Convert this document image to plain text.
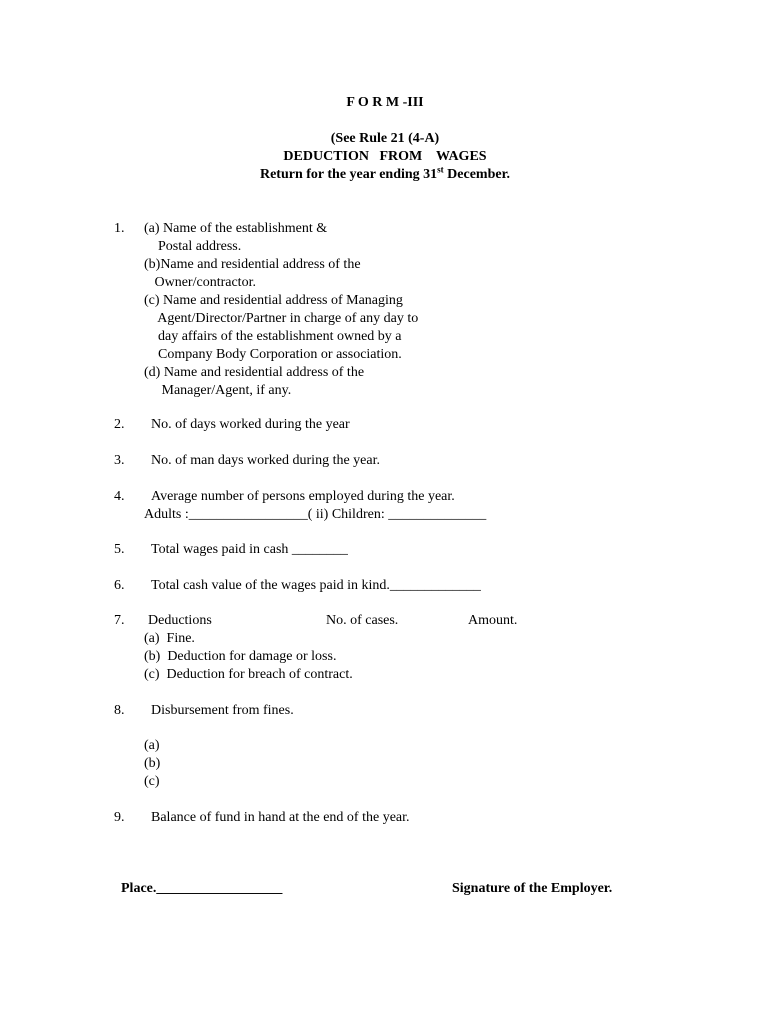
F O R M -III
(See Rule 21 (4-A)
DEDUCTION   FROM    WAGES
Return for the year ending 31st December.
1. (a) Name of the establishment &
Postal address.
(b)Name and residential address of the
Owner/contractor.
(c) Name and residential address of Managing
Agent/Director/Partner in charge of any day to
day affairs of the establishment owned by a
Company Body Corporation or association.
(d) Name and residential address of the
Manager/Agent, if any.
2. No. of days worked during the year
3. No. of man days worked during the year.
4. Average number of persons employed during the year.
Adults :_________________( ii) Children: ______________
5. Total wages paid in cash ________
6. Total cash value of the wages paid in kind._____________
7. Deductions	No. of cases.	Amount.
(a)  Fine.
(b)  Deduction for damage or loss.
(c)  Deduction for breach of contract.
8. Disbursement from fines.
(a)
(b)
(c)
9. Balance of fund in hand at the end of the year.
Place.__________________	Signature of the Employer.
